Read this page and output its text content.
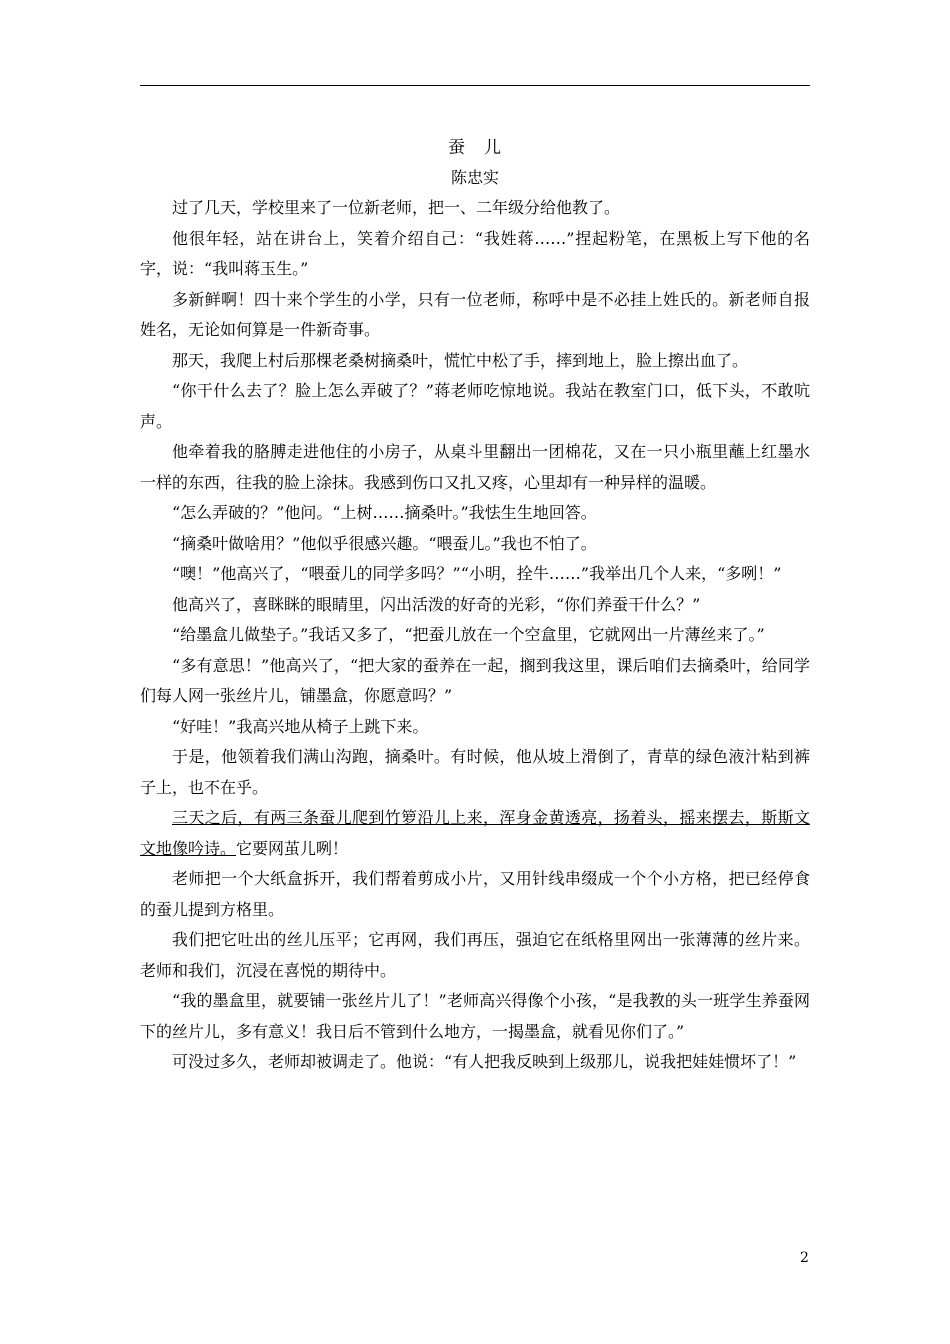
蚕　儿

陈忠实

过了几天，学校里来了一位新老师，把一、二年级分给他教了。

他很年轻，站在讲台上，笑着介绍自己：“我姓蒋……”捏起粉笔，在黑板上写下他的名字，说：“我叫蒋玉生。”

多新鲜啊！四十来个学生的小学，只有一位老师，称呼中是不必挂上姓氏的。新老师自报姓名，无论如何算是一件新奇事。

那天，我爬上村后那棵老桑树摘桑叶，慌忙中松了手，摔到地上，脸上擦出血了。

“你干什么去了？脸上怎么弄破了？”蒋老师吃惊地说。我站在教室门口，低下头，不敢吭声。

他牵着我的胳膊走进他住的小房子，从桌斗里翻出一团棉花，又在一只小瓶里蘸上红墨水一样的东西，往我的脸上涂抹。我感到伤口又扎又疼，心里却有一种异样的温暖。

“怎么弄破的？”他问。“上树……摘桑叶。”我怯生生地回答。

“摘桑叶做啥用？”他似乎很感兴趣。“喂蚕儿。”我也不怕了。

“噢！”他高兴了，“喂蚕儿的同学多吗？”“小明，拴牛……”我举出几个人来，“多咧！”

他高兴了，喜眯眯的眼睛里，闪出活泼的好奇的光彩，“你们养蚕干什么？”

“给墨盒儿做垫子。”我话又多了，“把蚕儿放在一个空盒里，它就网出一片薄丝来了。”

“多有意思！”他高兴了，“把大家的蚕养在一起，搁到我这里，课后咱们去摘桑叶，给同学们每人网一张丝片儿，铺墨盒，你愿意吗？”

“好哇！”我高兴地从椅子上跳下来。

于是，他领着我们满山沟跑，摘桑叶。有时候，他从坡上滑倒了，青草的绿色液汁粘到裤子上，也不在乎。

三天之后，有两三条蚕儿爬到竹箩沿儿上来，浑身金黄透亮，扬着头，摇来摆去，斯斯文文地像吟诗。它要网茧儿咧！

老师把一个大纸盒拆开，我们帮着剪成小片，又用针线串缀成一个个小方格，把已经停食的蚕儿提到方格里。

我们把它吐出的丝儿压平；它再网，我们再压，强迫它在纸格里网出一张薄薄的丝片来。老师和我们，沉浸在喜悦的期待中。

“我的墨盒里，就要铺一张丝片儿了！”老师高兴得像个小孩，“是我教的头一班学生养蚕网下的丝片儿，多有意义！我日后不管到什么地方，一揭墨盒，就看见你们了。”

可没过多久，老师却被调走了。他说：“有人把我反映到上级那儿，说我把娃娃惯坏了！”

2
